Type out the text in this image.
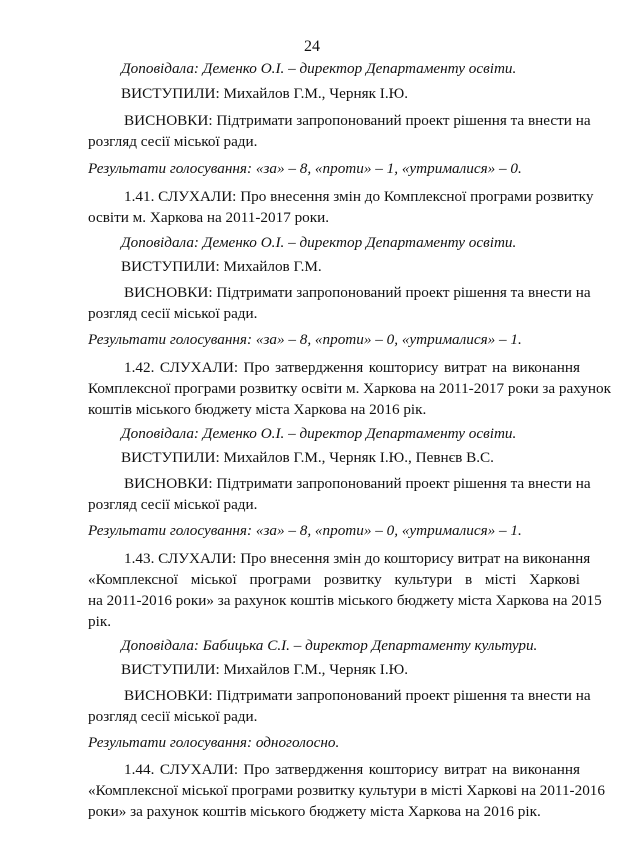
24
Доповідала: Деменко О.І. – директор Департаменту освіти.
ВИСТУПИЛИ: Михайлов Г.М., Черняк І.Ю.
ВИСНОВКИ: Підтримати запропонований проект рішення та внести на
розгляд сесії міської ради.
Результати голосування: «за» – 8, «проти» – 1, «утрималися» – 0.
1.41. СЛУХАЛИ: Про внесення змін до Комплексної програми розвитку
освіти м. Харкова на 2011-2017 роки.
Доповідала: Деменко О.І. – директор Департаменту освіти.
ВИСТУПИЛИ: Михайлов Г.М.
ВИСНОВКИ: Підтримати запропонований проект рішення та внести на
розгляд сесії міської ради.
Результати голосування: «за» – 8, «проти» – 0, «утрималися» – 1.
1.42. СЛУХАЛИ: Про затвердження кошторису витрат на виконання
Комплексної програми розвитку освіти м. Харкова на 2011-2017 роки за рахунок
коштів міського бюджету міста Харкова на 2016 рік.
Доповідала: Деменко О.І. – директор Департаменту освіти.
ВИСТУПИЛИ: Михайлов Г.М., Черняк І.Ю., Певнєв В.С.
ВИСНОВКИ: Підтримати запропонований проект рішення та внести на
розгляд сесії міської ради.
Результати голосування: «за» – 8, «проти» – 0, «утрималися» – 1.
1.43. СЛУХАЛИ: Про внесення змін до кошторису витрат на виконання
«Комплексної міської програми розвитку культури в місті Харкові
на 2011-2016 роки» за рахунок коштів міського бюджету міста Харкова на 2015
рік.
Доповідала: Бабицька С.І. – директор Департаменту культури.
ВИСТУПИЛИ: Михайлов Г.М., Черняк І.Ю.
ВИСНОВКИ: Підтримати запропонований проект рішення та внести на
розгляд сесії міської ради.
Результати голосування: одноголосно.
1.44. СЛУХАЛИ: Про затвердження кошторису витрат на виконання
«Комплексної міської програми розвитку культури в місті Харкові на 2011-2016
роки» за рахунок коштів міського бюджету міста Харкова на 2016 рік.
